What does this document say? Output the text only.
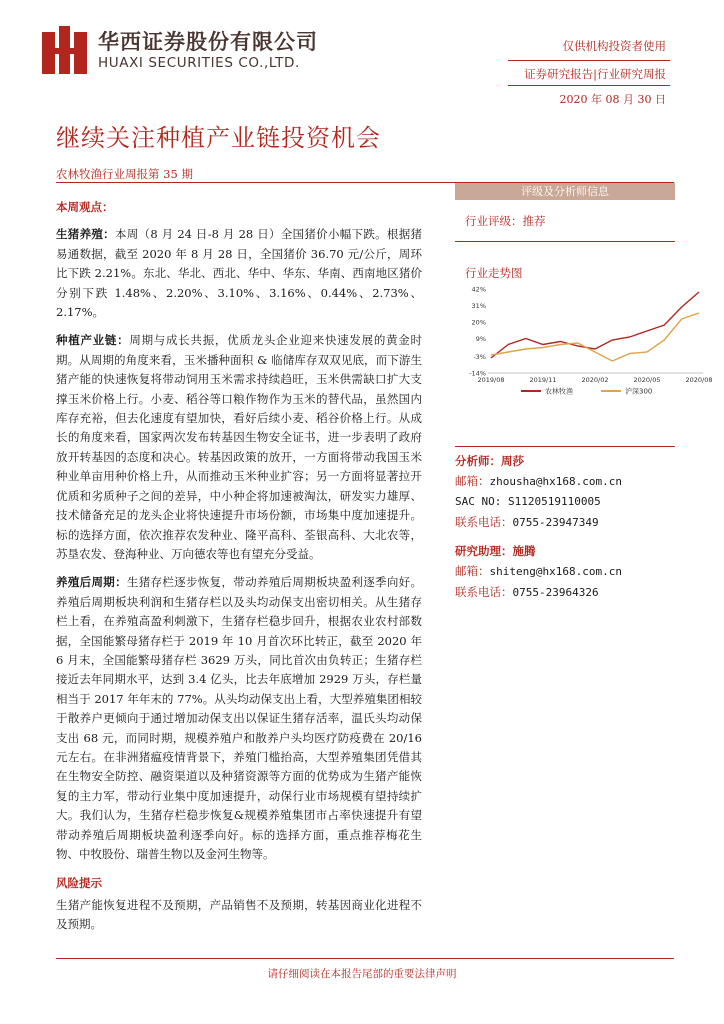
华西证券股份有限公司
HUAXI SECURITIES CO.,LTD.
仅供机构投资者使用
证券研究报告|行业研究周报
2020 年 08 月 30 日
继续关注种植产业链投资机会
农林牧渔行业周报第 35 期

本周观点：

生猪养殖：本周（8 月 24 日-8 月 28 日）全国猪价小幅下跌。根据猪易通数据，截至 2020 年 8 月 28 日，全国猪价 36.70 元/公斤，周环比下跌 2.21%。东北、华北、西北、华中、华东、华南、西南地区猪价分别下跌 1.48%、2.20%、3.10%、3.16%、0.44%、2.73%、2.17%。

种植产业链：周期与成长共振，优质龙头企业迎来快速发展的黄金时期。从周期的角度来看，玉米播种面积 & 临储库存双双见底，而下游生猪产能的快速恢复将带动饲用玉米需求持续趋旺，玉米供需缺口扩大支撑玉米价格上行。小麦、稻谷等口粮作物作为玉米的替代品，虽然国内库存充裕，但去化速度有望加快，看好后续小麦、稻谷价格上行。从成长的角度来看，国家两次发布转基因生物安全证书，进一步表明了政府放开转基因的态度和决心。转基因政策的放开，一方面将带动我国玉米种业单亩用种价格上升，从而推动玉米种业扩容；另一方面将显著拉开优质和劣质种子之间的差异，中小种企将加速被淘汰，研发实力雄厚、技术储备充足的龙头企业将快速提升市场份额，市场集中度加速提升。标的选择方面，依次推荐农发种业、隆平高科、荃银高科、大北农等，苏垦农发、登海种业、万向德农等也有望充分受益。

养殖后周期：生猪存栏逐步恢复，带动养殖后周期板块盈利逐季向好。养殖后周期板块利润和生猪存栏以及头均动保支出密切相关。从生猪存栏上看，在养殖高盈利刺激下，生猪存栏稳步回升，根据农业农村部数据，全国能繁母猪存栏于 2019 年 10 月首次环比转正，截至 2020 年 6 月末，全国能繁母猪存栏 3629 万头，同比首次由负转正；生猪存栏接近去年同期水平，达到 3.4 亿头，比去年底增加 2929 万头，存栏量相当于 2017 年年末的 77%。从头均动保支出上看，大型养殖集团相较于散养户更倾向于通过增加动保支出以保证生猪存活率，温氏头均动保支出 68 元，而同时期，规模养殖户和散养户头均医疗防疫费在 20/16 元左右。在非洲猪瘟疫情背景下，养殖门槛抬高，大型养殖集团凭借其在生物安全防控、融资渠道以及种猪资源等方面的优势成为生猪产能恢复的主力军，带动行业集中度加速提升，动保行业市场规模有望持续扩大。我们认为，生猪存栏稳步恢复&规模养殖集团市占率快速提升有望带动养殖后周期板块盈利逐季向好。标的选择方面，重点推荐梅花生物、中牧股份、瑞普生物以及金河生物等。

风险提示

生猪产能恢复进程不及预期，产品销售不及预期，转基因商业化进程不及预期。

评级及分析师信息
行业评级：推荐
行业走势图
42%
31%
20%
9%
-3%
-14%
2019/08	2019/11	2020/02	2020/05	2020/08
农林牧渔	沪深300
分析师：周莎
邮箱：zhousha@hx168.com.cn
SAC NO: S1120519110005
联系电话：0755-23947349
研究助理：施腾
邮箱：shiteng@hx168.com.cn
联系电话：0755-23964326
请仔细阅读在本报告尾部的重要法律声明
